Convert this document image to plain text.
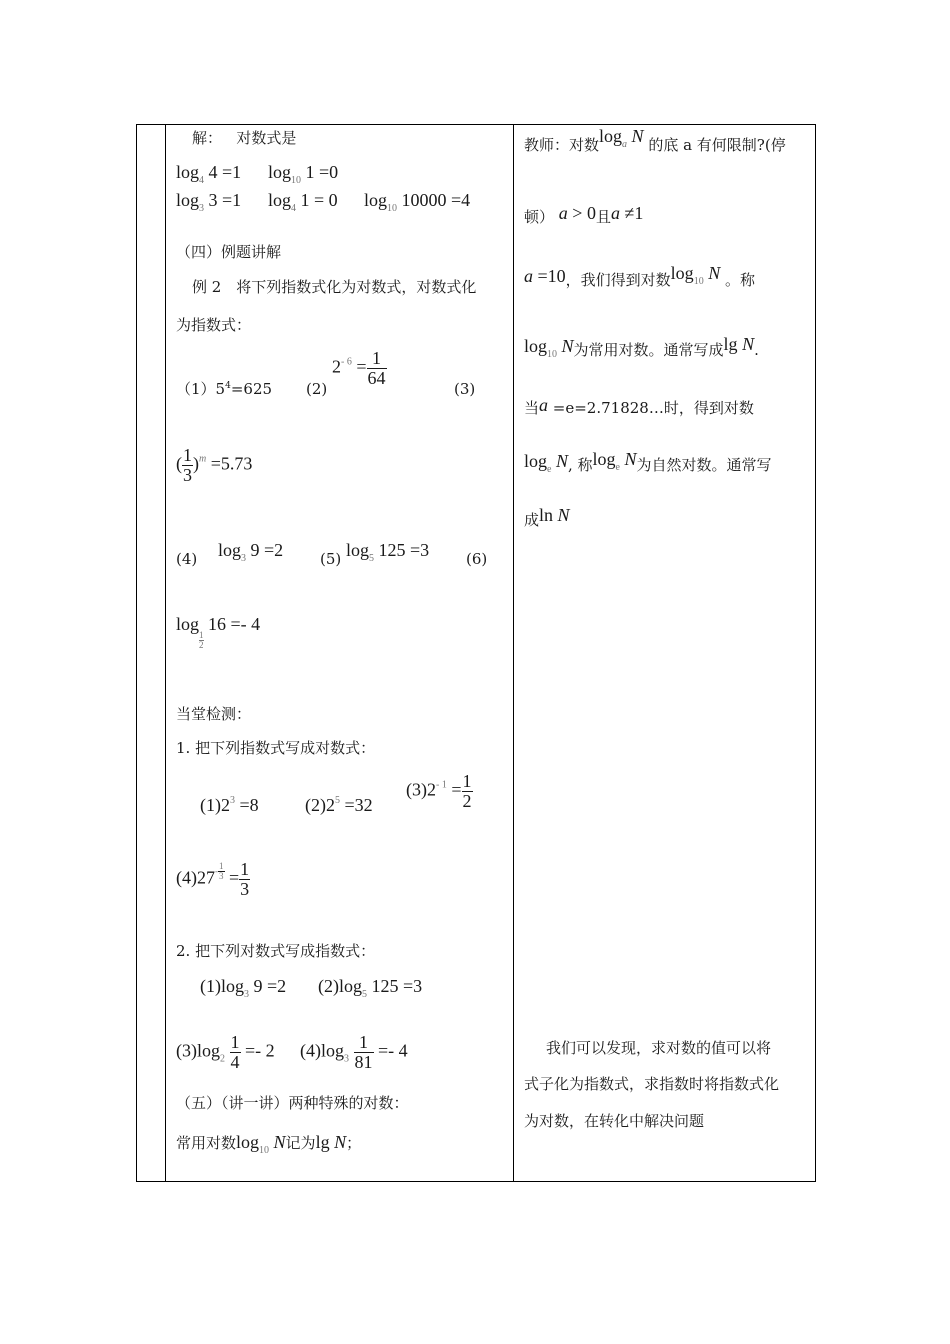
解： 对数式是
$\log_4 4 =1$ $\log_{10} 1 =0$
$\log_3 3 =1$ $\log_4 1 = 0$ $\log_{10} 10000 =4$
（四）例题讲解
例 2　将下列指数式化为对数式，对数式化
为指数式：
$(1)5^4=625$ (2)
$2^{- 6} = \frac{1}{64}$
(3)
( $\frac{1}{3} )^m =5.73$
(4) $\log_3 9 =2$ (5) $\log_5 125 =3$ (6)
log
$\frac{1}{2} 16 =- 4$
当堂检测：
1. 把下列指数式写成对数式：
$(1)2^3 =8$	$(2)2^5 =32$
$(3)2^{- 1} = \frac{1}{2}$
$(4)27- \frac{1}{3} = \frac{1}{3}$
2. 把下列对数式写成指数式：
$(1)\log_3$ 9 =2 $(2)\log_5$ 125 =3
$(3)\log_2 \frac{1}{4} =- 2$ $(4)\log_3 \frac{1}{81} =- 4$
（五）（讲一讲）两种特殊的对数：
常用对数$\log_{10} N$记为lg N；
教师：对数$\log_a N$ 的底 a 有何限制?(停
顿） a > 0且a ≠1
a =10，我们得到对数$\log_{10} N$ 。称
$\log_{10} N$为常用对数。通常写成lg N.
当a =e=2.71828…时，得到对数
$\log_e N$, 称$\log_e N$为自然对数。通常写
成ln N
我们可以发现，求对数的值可以将
式子化为指数式，求指数时将指数式化
为对数，在转化中解决问题
